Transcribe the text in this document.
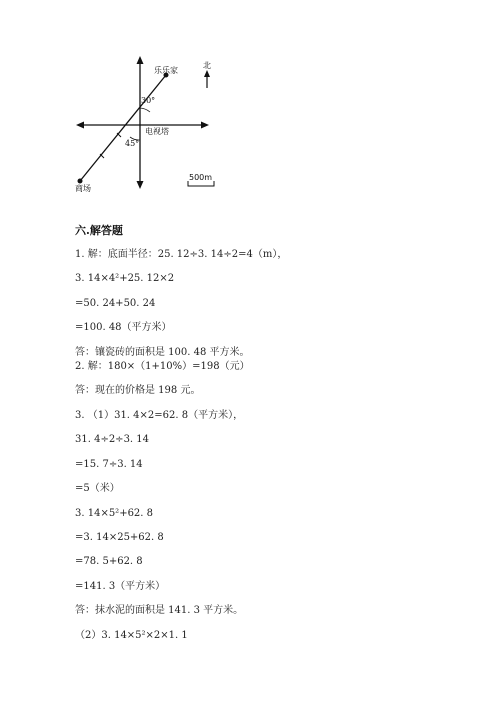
北
乐乐家
30°
电视塔
45°
商场
500m
六.解答题
1. 解：底面半径：25. 12÷3. 14÷2=4（m），
3. 14×4²+25. 12×2
=50. 24+50. 24
=100. 48（平方米）
答：镶瓷砖的面积是 100. 48 平方米。
2. 解：180×（1+10%）=198（元）
答：现在的价格是 198 元。
3. （1）31. 4×2=62. 8（平方米），
31. 4÷2÷3. 14
=15. 7÷3. 14
=5（米）
3. 14×5²+62. 8
=3. 14×25+62. 8
=78. 5+62. 8
=141. 3（平方米）
答：抹水泥的面积是 141. 3 平方米。
（2）3. 14×5²×2×1. 1
